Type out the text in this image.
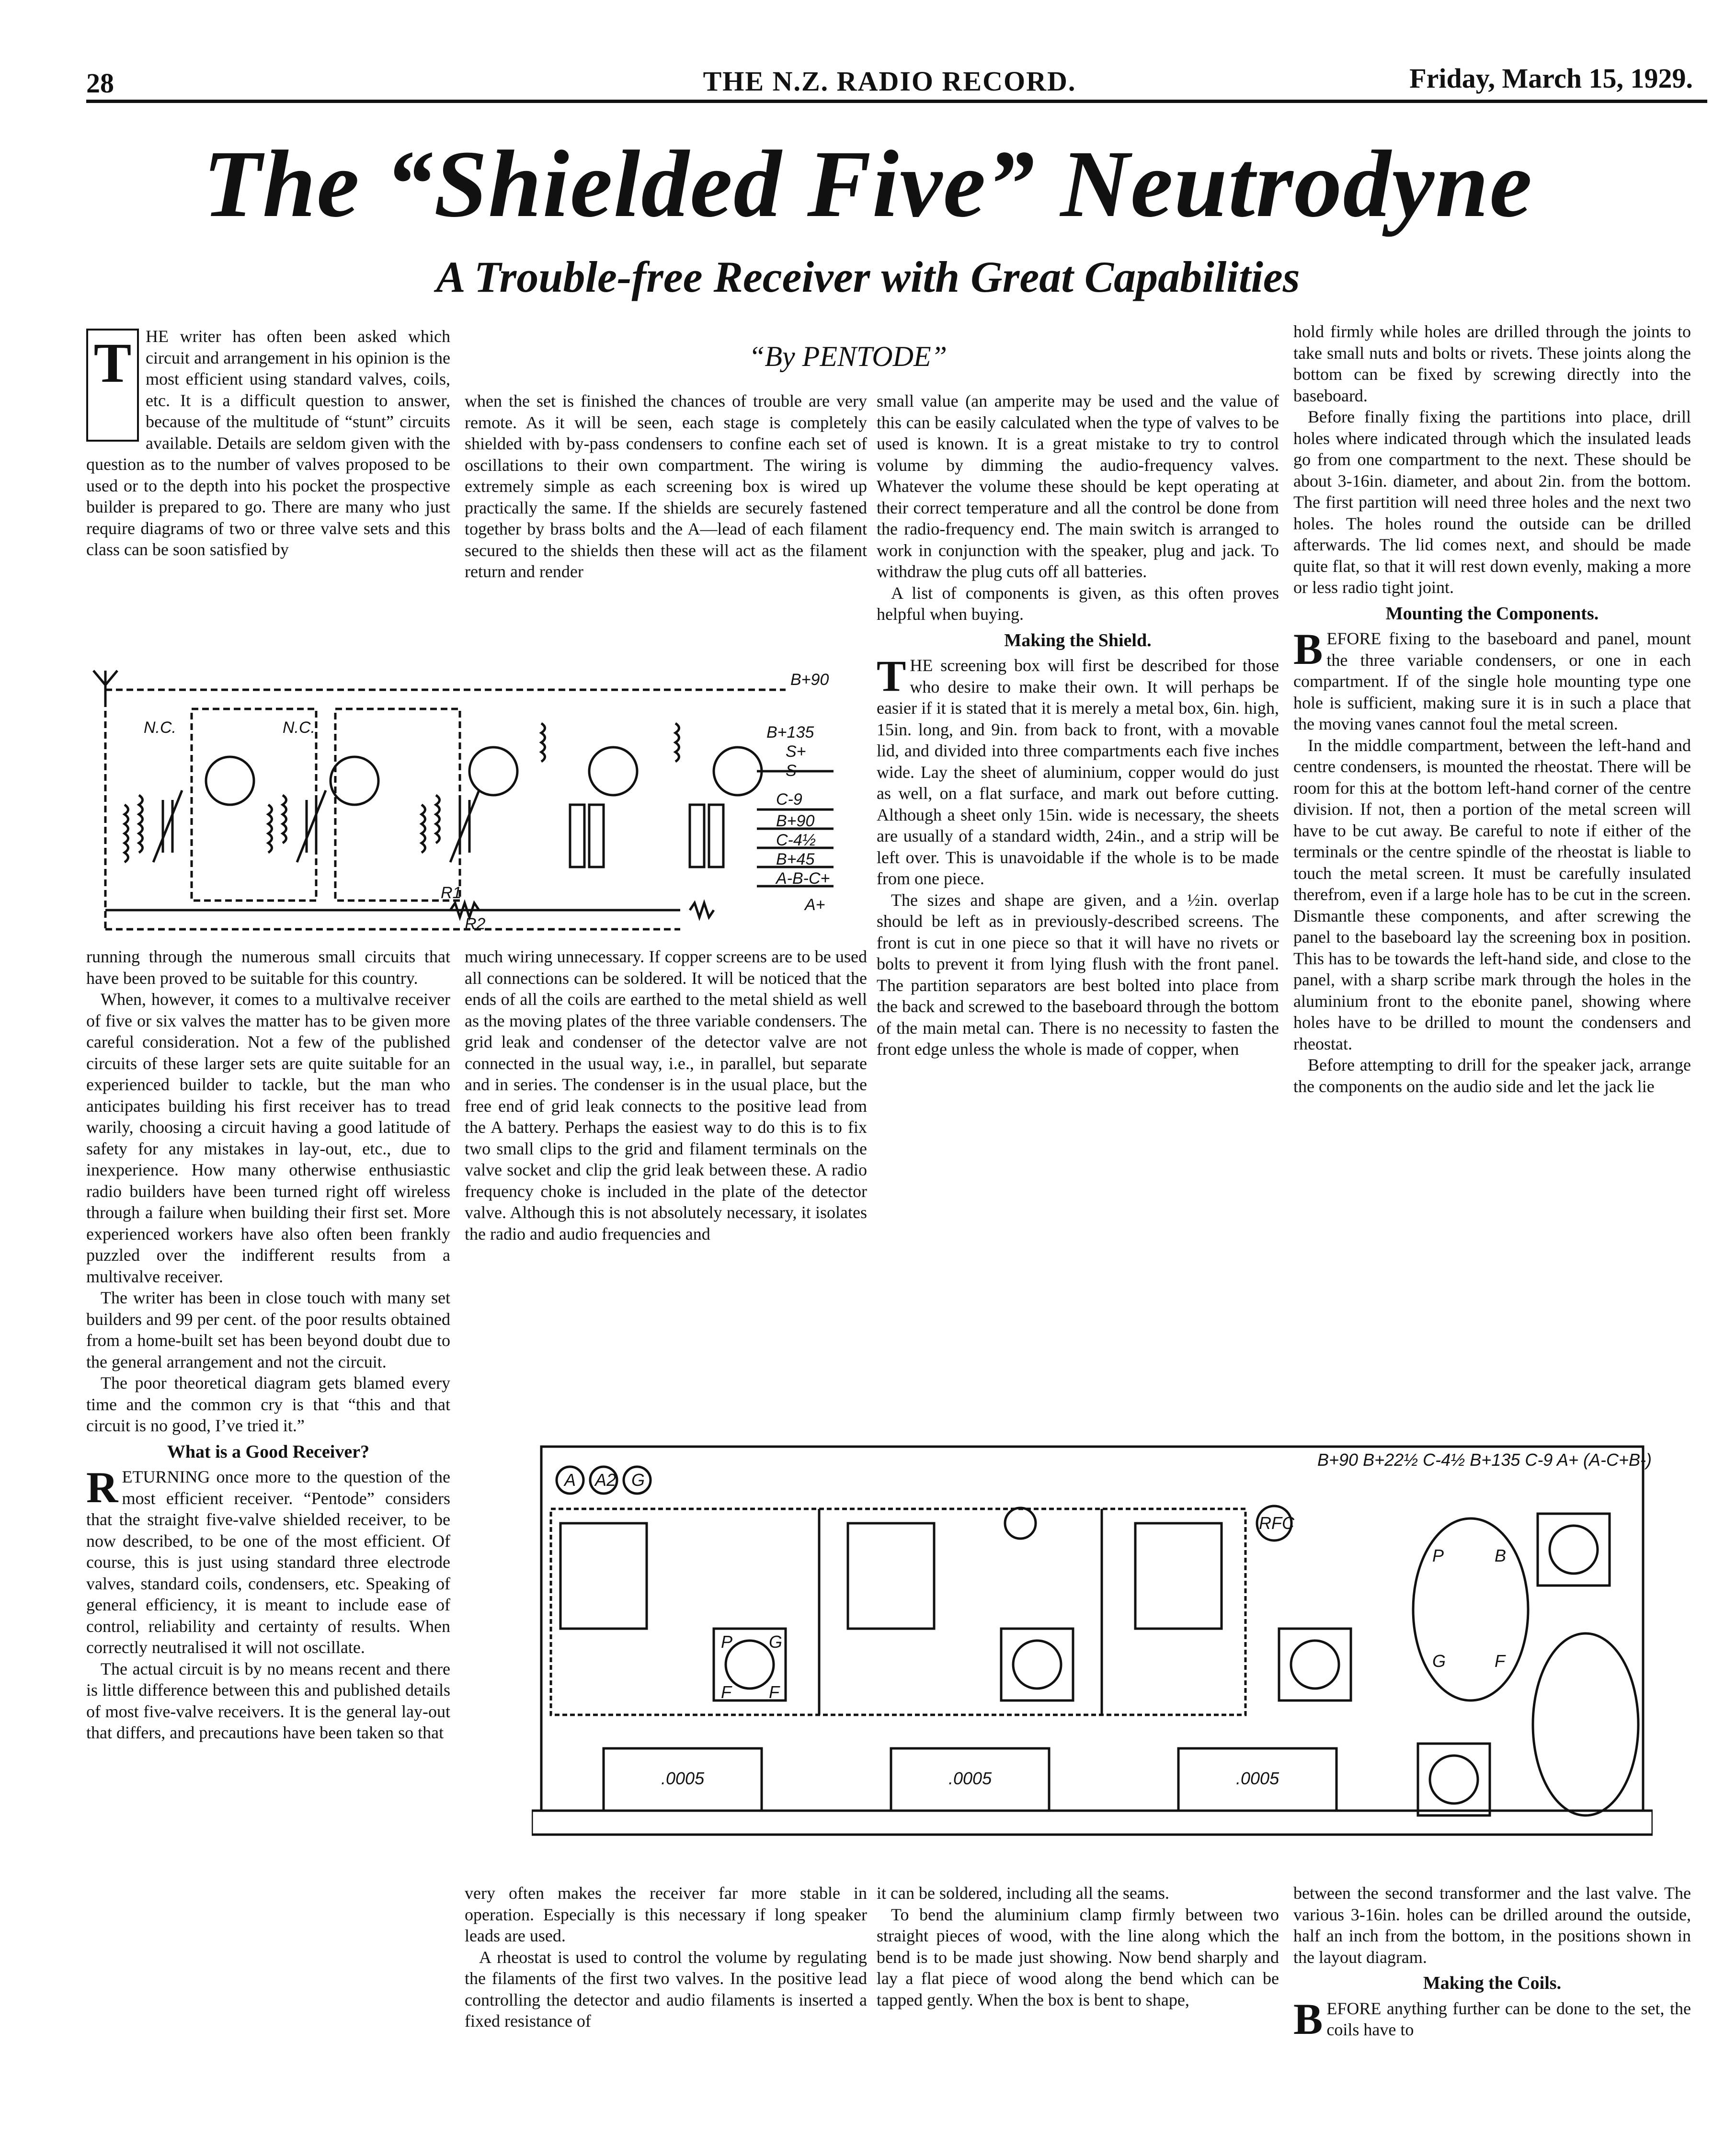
28	THE N.Z. RADIO RECORD.	Friday, March 15, 1929.
The “Shielded Five” Neutrodyne
A Trouble-free Receiver with Great Capabilities
“By PENTODE”

T HE writer has often been asked which circuit and arrangement in his opinion is the most efficient using standard valves, coils, etc. It is a difficult question to answer, because of the multitude of “stunt” circuits available. Details are seldom given with the question as to the number of valves proposed to be used or to the depth into his pocket the prospective builder is prepared to go. There are many who just require diagrams of two or three valve sets and this class can be soon satisfied by

when the set is finished the chances of trouble are very remote. As it will be seen, each stage is completely shielded with by-pass condensers to confine each set of oscillations to their own compartment. The wiring is extremely simple as each screening box is wired up practically the same. If the shields are securely fastened together by brass bolts and the A—lead of each filament secured to the shields then these will act as the filament return and render

small value (an amperite may be used and the value of this can be easily calculated when the type of valves to be used is known. It is a great mistake to try to control volume by dimming the audio-frequency valves. Whatever the volume these should be kept operating at their correct temperature and all the control be done from the radio-frequency end. The main switch is arranged to work in conjunction with the speaker, plug and jack. To withdraw the plug cuts off all batteries.

A list of components is given, as this often proves helpful when buying.

Making the Shield.

THE screening box will first be described for those who desire to make their own. It will perhaps be easier if it is stated that it is merely a metal box, 6in. high, 15in. long, and 9in. from back to front, with a movable lid, and divided into three compartments each five inches wide. Lay the sheet of aluminium, copper would do just as well, on a flat surface, and mark out before cutting. Although a sheet only 15in. wide is necessary, the sheets are usually of a standard width, 24in., and a strip will be left over. This is unavoidable if the whole is to be made from one piece.

The sizes and shape are given, and a ½in. overlap should be left as in previously-described screens. The front is cut in one piece so that it will have no rivets or bolts to prevent it from lying flush with the front panel. The partition separators are best bolted into place from the back and screwed to the baseboard through the bottom of the main metal can. There is no necessity to fasten the front edge unless the whole is made of copper, when

hold firmly while holes are drilled through the joints to take small nuts and bolts or rivets. These joints along the bottom can be fixed by screwing directly into the baseboard.

Before finally fixing the partitions into place, drill holes where indicated through which the insulated leads go from one compartment to the next. These should be about 3-16in. diameter, and about 2in. from the bottom. The first partition will need three holes and the next two holes. The holes round the outside can be drilled afterwards. The lid comes next, and should be made quite flat, so that it will rest down evenly, making a more or less radio tight joint.

Mounting the Components.

BEFORE fixing to the baseboard and panel, mount the three variable condensers, or one in each compartment. If of the single hole mounting type one hole is sufficient, making sure it is in such a place that the moving vanes cannot foul the metal screen.

In the middle compartment, between the left-hand and centre condensers, is mounted the rheostat. There will be room for this at the bottom left-hand corner of the centre division. If not, then a portion of the metal screen will have to be cut away. Be careful to note if either of the terminals or the centre spindle of the rheostat is liable to touch the metal screen. It must be carefully insulated therefrom, even if a large hole has to be cut in the screen. Dismantle these components, and after screwing the panel to the baseboard lay the screening box in position. This has to be towards the left-hand side, and close to the panel, with a sharp scribe mark through the holes in the aluminium front to the ebonite panel, showing where holes have to be drilled to mount the condensers and rheostat.

Before attempting to drill for the speaker jack, arrange the components on the audio side and let the jack lie

running through the numerous small circuits that have been proved to be suitable for this country.

When, however, it comes to a multivalve receiver of five or six valves the matter has to be given more careful consideration. Not a few of the published circuits of these larger sets are quite suitable for an experienced builder to tackle, but the man who anticipates building his first receiver has to tread warily, choosing a circuit having a good latitude of safety for any mistakes in lay-out, etc., due to inexperience. How many otherwise enthusiastic radio builders have been turned right off wireless through a failure when building their first set. More experienced workers have also often been frankly puzzled over the indifferent results from a multivalve receiver.

The writer has been in close touch with many set builders and 99 per cent. of the poor results obtained from a home-built set has been beyond doubt due to the general arrangement and not the circuit.

The poor theoretical diagram gets blamed every time and the common cry is that “this and that circuit is no good, I’ve tried it.”

What is a Good Receiver?

RETURNING once more to the question of the most efficient receiver. “Pentode” considers that the straight five-valve shielded receiver, to be now described, to be one of the most efficient. Of course, this is just using standard three electrode valves, standard coils, condensers, etc. Speaking of general efficiency, it is meant to include ease of control, reliability and certainty of results. When correctly neutralised it will not oscillate.

The actual circuit is by no means recent and there is little difference between this and published details of most five-valve receivers. It is the general lay-out that differs, and precautions have been taken so that

much wiring unnecessary. If copper screens are to be used all connections can be soldered. It will be noticed that the ends of all the coils are earthed to the metal shield as well as the moving plates of the three variable condensers. The grid leak and condenser of the detector valve are not connected in the usual way, i.e., in parallel, but separate and in series. The condenser is in the usual place, but the free end of grid leak connects to the positive lead from the A battery. Perhaps the easiest way to do this is to fix two small clips to the grid and filament terminals on the valve socket and clip the grid leak between these. A radio frequency choke is included in the plate of the detector valve. Although this is not absolutely necessary, it isolates the radio and audio frequencies and

very often makes the receiver far more stable in operation. Especially is this necessary if long speaker leads are used.

A rheostat is used to control the volume by regulating the filaments of the first two valves. In the positive lead controlling the detector and audio filaments is inserted a fixed resistance of

it can be soldered, including all the seams.

To bend the aluminium clamp firmly between two straight pieces of wood, with the line along which the bend is to be made just showing. Now bend sharply and lay a flat piece of wood along the bend which can be tapped gently. When the box is bent to shape,

between the second transformer and the last valve. The various 3-16in. holes can be drilled around the outside, half an inch from the bottom, in the positions shown in the layout diagram.

Making the Coils.

BEFORE anything further can be done to the set, the coils have to

B+90
B+135
S+
S-
N.C.	N.C.
C-9
B+90
C-4½
B+45
A-B-C+
R1
R2
A+
B+90 B+22½ C-4½ B+135 C-9 A+ (A-C+B-)
A A2 G
.0005	.0005	.0005
RFC
P G
F F
P	B
G	F
